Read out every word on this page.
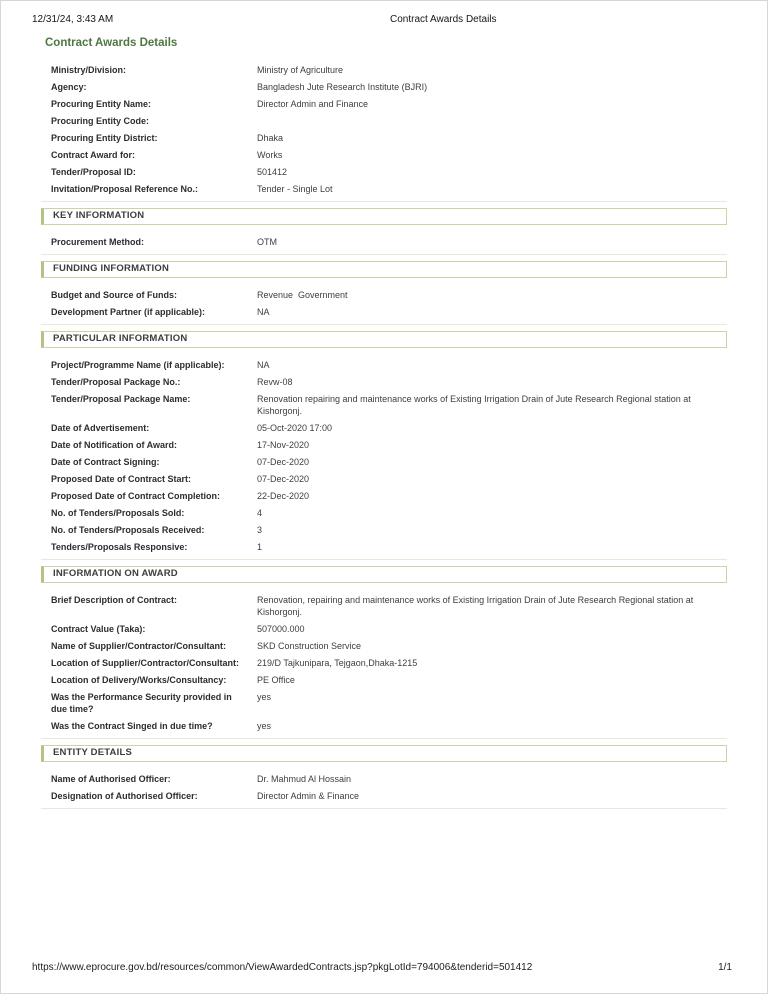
12/31/24, 3:43 AM	Contract Awards Details
Contract Awards Details
Ministry/Division:	Ministry of Agriculture
Agency:	Bangladesh Jute Research Institute (BJRI)
Procuring Entity Name:	Director Admin and Finance
Procuring Entity Code:
Procuring Entity District:	Dhaka
Contract Award for:	Works
Tender/Proposal ID:	501412
Invitation/Proposal Reference No.:	Tender - Single Lot
KEY INFORMATION
Procurement Method:	OTM
FUNDING INFORMATION
Budget and Source of Funds:	Revenue  Government
Development Partner (if applicable):	NA
PARTICULAR INFORMATION
Project/Programme Name (if applicable):	NA
Tender/Proposal Package No.:	Revw-08
Tender/Proposal Package Name:	Renovation repairing and maintenance works of Existing Irrigation Drain of Jute Research Regional station at Kishorgonj.
Date of Advertisement:	05-Oct-2020 17:00
Date of Notification of Award:	17-Nov-2020
Date of Contract Signing:	07-Dec-2020
Proposed Date of Contract Start:	07-Dec-2020
Proposed Date of Contract Completion:	22-Dec-2020
No. of Tenders/Proposals Sold:	4
No. of Tenders/Proposals Received:	3
Tenders/Proposals Responsive:	1
INFORMATION ON AWARD
Brief Description of Contract:	Renovation, repairing and maintenance works of Existing Irrigation Drain of Jute Research Regional station at Kishorgonj.
Contract Value (Taka):	507000.000
Name of Supplier/Contractor/Consultant:	SKD Construction Service
Location of Supplier/Contractor/Consultant:	219/D Tajkunipara, Tejgaon,Dhaka-1215
Location of Delivery/Works/Consultancy:	PE Office
Was the Performance Security provided in due time?
yes
Was the Contract Singed in due time?	yes
ENTITY DETAILS
Name of Authorised Officer:	Dr. Mahmud Al Hossain
Designation of Authorised Officer:	Director Admin & Finance
https://www.eprocure.gov.bd/resources/common/ViewAwardedContracts.jsp?pkgLotId=794006&tenderid=501412	1/1
